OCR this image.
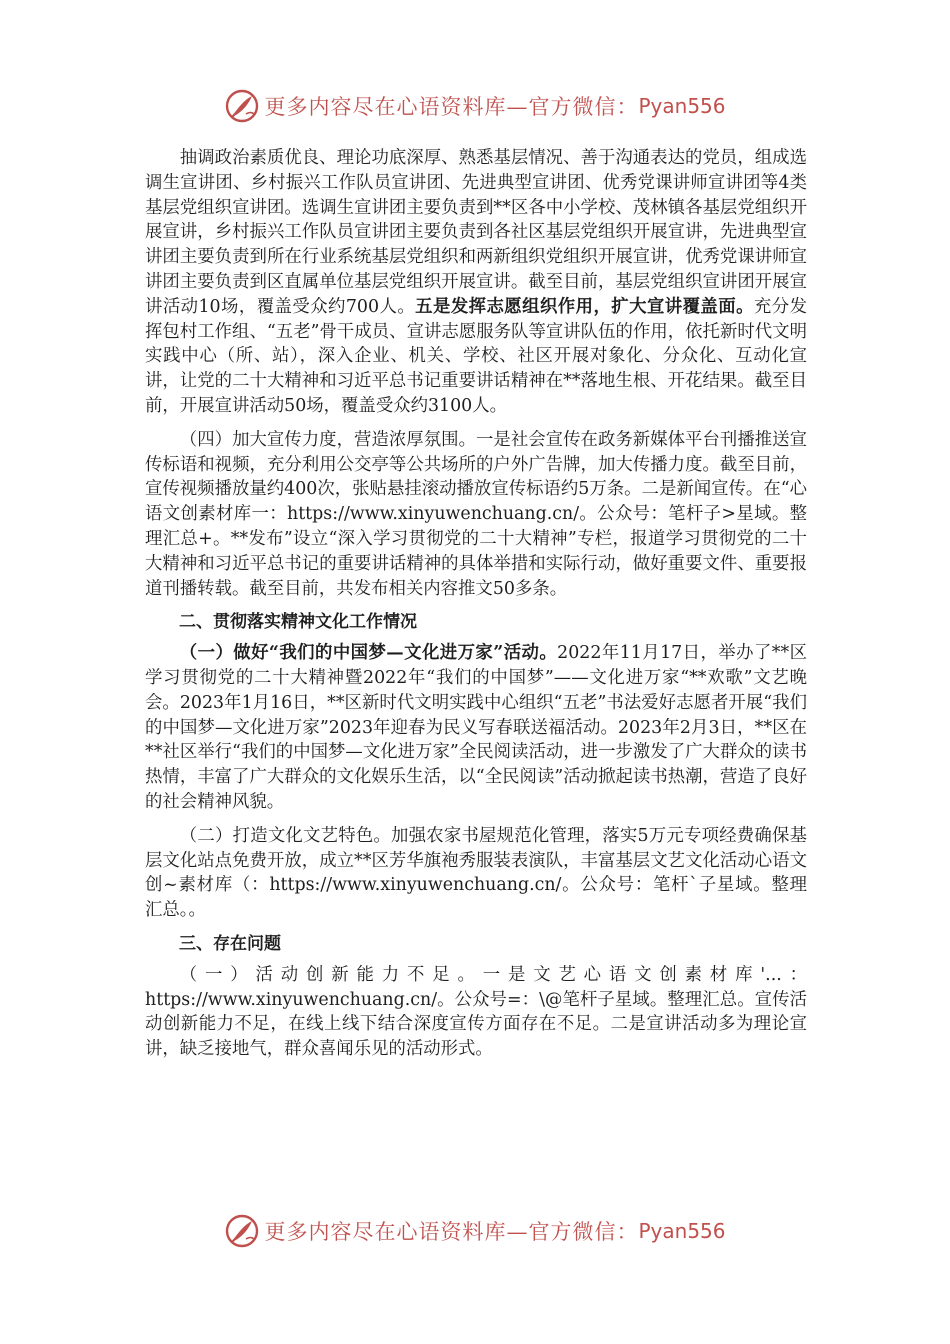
更多内容尽在心语资料库—官方微信： Pyan556

抽调政治素质优良、理论功底深厚、熟悉基层情况、善于沟通表达的党员，组成选调生宣讲团、乡村振兴工作队员宣讲团、先进典型宣讲团、优秀党课讲师宣讲团等4类基层党组织宣讲团。选调生宣讲团主要负责到**区各中小学校、茂林镇各基层党组织开展宣讲，乡村振兴工作队员宣讲团主要负责到各社区基层党组织开展宣讲，先进典型宣讲团主要负责到所在行业系统基层党组织和两新组织党组织开展宣讲，优秀党课讲师宣讲团主要负责到区直属单位基层党组织开展宣讲。截至目前，基层党组织宣讲团开展宣讲活动10场，覆盖受众约700人。五是发挥志愿组织作用，扩大宣讲覆盖面。充分发挥包村工作组、“五老”骨干成员、宣讲志愿服务队等宣讲队伍的作用，依托新时代文明实践中心（所、站），深入企业、机关、学校、社区开展对象化、分众化、互动化宣讲，让党的二十大精神和习近平总书记重要讲话精神在**落地生根、开花结果。截至目前，开展宣讲活动50场，覆盖受众约3100人。

（四）加大宣传力度，营造浓厚氛围。一是社会宣传在政务新媒体平台刊播推送宣传标语和视频，充分利用公交亭等公共场所的户外广告牌，加大传播力度。截至目前，宣传视频播放量约400次，张贴悬挂滚动播放宣传标语约5万条。二是新闻宣传。在“心语文创素材库一：https://www.xinyuwenchuang.cn/。公众号：笔杆子>星域。整理汇总+。**发布”设立“深入学习贯彻党的二十大精神”专栏，报道学习贯彻党的二十大精神和习近平总书记的重要讲话精神的具体举措和实际行动，做好重要文件、重要报道刊播转载。截至目前，共发布相关内容推文50多条。

二、贯彻落实精神文化工作情况

（一）做好“我们的中国梦—文化进万家”活动。2022年11月17日，举办了**区学习贯彻党的二十大精神暨2022年“我们的中国梦”——文化进万家“**欢歌”文艺晚会。2023年1月16日，**区新时代文明实践中心组织“五老”书法爱好志愿者开展“我们的中国梦—文化进万家”2023年迎春为民义写春联送福活动。2023年2月3日，**区在**社区举行“我们的中国梦—文化进万家”全民阅读活动，进一步激发了广大群众的读书热情，丰富了广大群众的文化娱乐生活，以“全民阅读”活动掀起读书热潮，营造了良好的社会精神风貌。

（二）打造文化文艺特色。加强农家书屋规范化管理，落实5万元专项经费确保基层文化站点免费开放，成立**区芳华旗袍秀服装表演队，丰富基层文艺文化活动心语文创~素材库（：https://www.xinyuwenchuang.cn/。公众号：笔杆`子星域。整理汇总。。

三、存在问题

（一）活动创新能力不足。一是文艺心语文创素材库'...：https://www.xinyuwenchuang.cn/。公众号=：\@笔杆子星域。整理汇总。宣传活动创新能力不足，在线上线下结合深度宣传方面存在不足。二是宣讲活动多为理论宣讲，缺乏接地气，群众喜闻乐见的活动形式。

更多内容尽在心语资料库—官方微信： Pyan556
